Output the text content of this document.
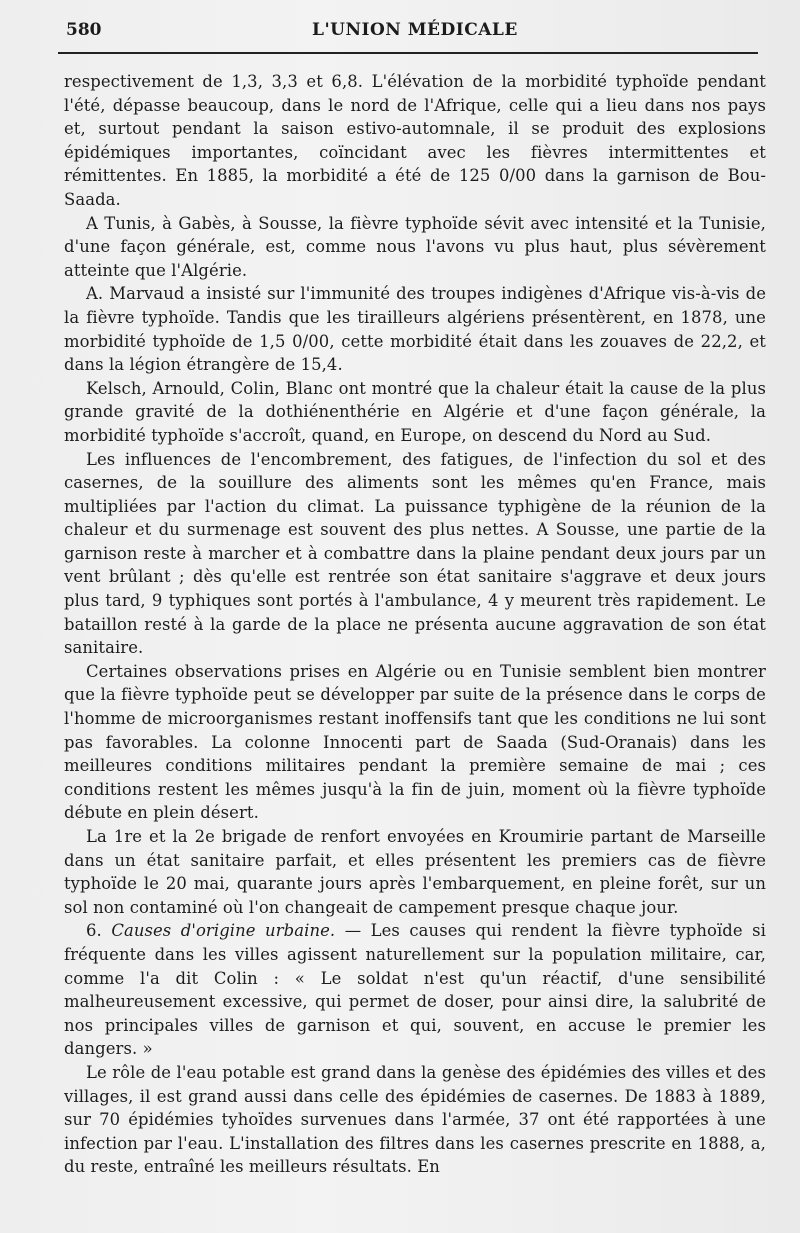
580	L'UNION MÉDICALE

respectivement de 1,3, 3,3 et 6,8. L'élévation de la morbidité typhoïde pendant l'été, dépasse beaucoup, dans le nord de l'Afrique, celle qui a lieu dans nos pays et, surtout pendant la saison estivo-automnale, il se produit des explosions épidémiques importantes, coïncidant avec les fièvres intermittentes et rémittentes. En 1885, la morbidité a été de 125 0/00 dans la garnison de Bou-Saada.

A Tunis, à Gabès, à Sousse, la fièvre typhoïde sévit avec intensité et la Tunisie, d'une façon générale, est, comme nous l'avons vu plus haut, plus sévèrement atteinte que l'Algérie.

A. Marvaud a insisté sur l'immunité des troupes indigènes d'Afrique vis-à-vis de la fièvre typhoïde. Tandis que les tirailleurs algériens présentèrent, en 1878, une morbidité typhoïde de 1,5 0/00, cette morbidité était dans les zouaves de 22,2, et dans la légion étrangère de 15,4.

Kelsch, Arnould, Colin, Blanc ont montré que la chaleur était la cause de la plus grande gravité de la dothiénenthérie en Algérie et d'une façon générale, la morbidité typhoïde s'accroît, quand, en Europe, on descend du Nord au Sud.

Les influences de l'encombrement, des fatigues, de l'infection du sol et des casernes, de la souillure des aliments sont les mêmes qu'en France, mais multipliées par l'action du climat. La puissance typhigène de la réunion de la chaleur et du surmenage est souvent des plus nettes. A Sousse, une partie de la garnison reste à marcher et à combattre dans la plaine pendant deux jours par un vent brûlant ; dès qu'elle est rentrée son état sanitaire s'aggrave et deux jours plus tard, 9 typhiques sont portés à l'ambulance, 4 y meurent très rapidement. Le bataillon resté à la garde de la place ne présenta aucune aggravation de son état sanitaire.

Certaines observations prises en Algérie ou en Tunisie semblent bien montrer que la fièvre typhoïde peut se développer par suite de la présence dans le corps de l'homme de microorganismes restant inoffensifs tant que les conditions ne lui sont pas favorables. La colonne Innocenti part de Saada (Sud-Oranais) dans les meilleures conditions militaires pendant la première semaine de mai ; ces conditions restent les mêmes jusqu'à la fin de juin, moment où la fièvre typhoïde débute en plein désert.

La 1re et la 2e brigade de renfort envoyées en Kroumirie partant de Marseille dans un état sanitaire parfait, et elles présentent les premiers cas de fièvre typhoïde le 20 mai, quarante jours après l'embarquement, en pleine forêt, sur un sol non contaminé où l'on changeait de campement presque chaque jour.

6. Causes d'origine urbaine. — Les causes qui rendent la fièvre typhoïde si fréquente dans les villes agissent naturellement sur la population militaire, car, comme l'a dit Colin : « Le soldat n'est qu'un réactif, d'une sensibilité malheureusement excessive, qui permet de doser, pour ainsi dire, la salubrité de nos principales villes de garnison et qui, souvent, en accuse le premier les dangers. »

Le rôle de l'eau potable est grand dans la genèse des épidémies des villes et des villages, il est grand aussi dans celle des épidémies de casernes. De 1883 à 1889, sur 70 épidémies tyhoïdes survenues dans l'armée, 37 ont été rapportées à une infection par l'eau. L'installation des filtres dans les casernes prescrite en 1888, a, du reste, entraîné les meilleurs résultats. En
